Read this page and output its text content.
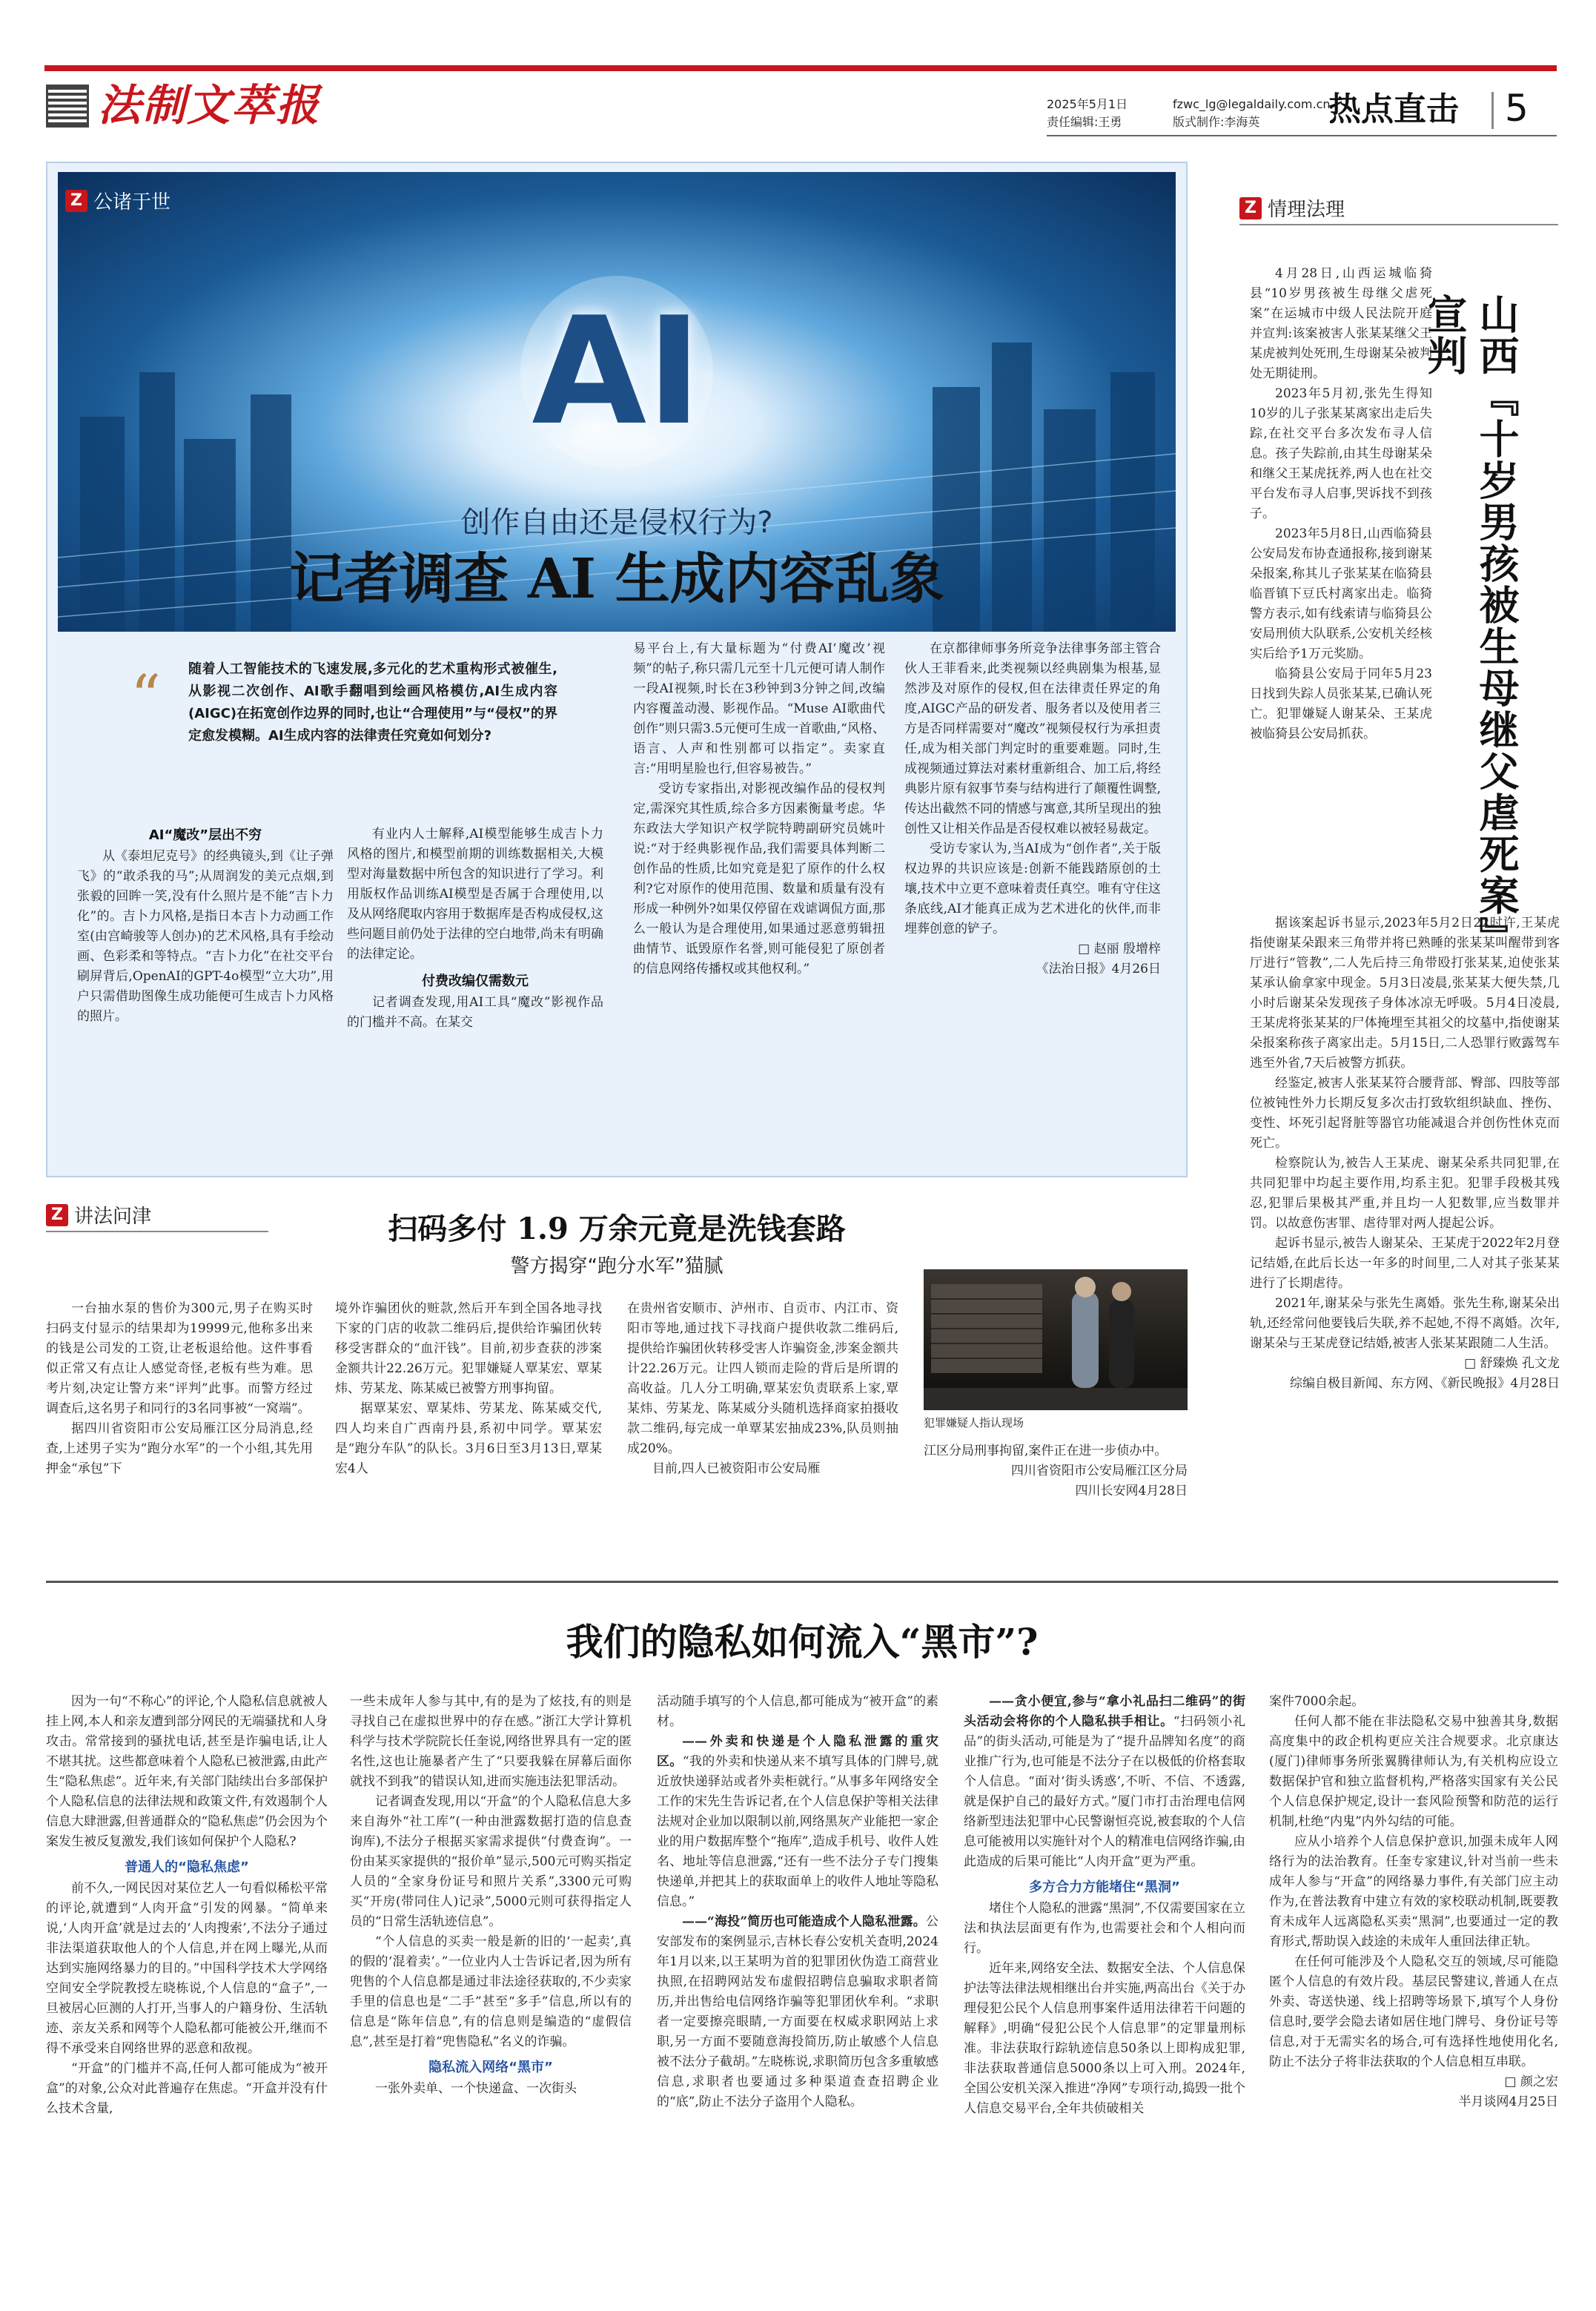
法制文萃报	2025年5月1日
责任编辑:王勇
fzwc_lg@legaldaily.com.cn
版式制作:李海英 热点直击 5
AI
Z 公诸于世
创作自由还是侵权行为?
记者调查 AI 生成内容乱象
“ 随着人工智能技术的飞速发展,多元化的艺术重构形式被催生,从影视二次创作、AI歌手翻唱到绘画风格模仿,AI生成内容(AIGC)在拓宽创作边界的同时,也让“合理使用”与“侵权”的界定愈发模糊。AI生成内容的法律责任究竟如何划分?
AI“魔改”层出不穷

从《泰坦尼克号》的经典镜头,到《让子弹飞》的“敢杀我的马”;从周润发的美元点烟,到张毅的回眸一笑,没有什么照片是不能“吉卜力化”的。吉卜力风格,是指日本吉卜力动画工作室(由宫崎骏等人创办)的艺术风格,具有手绘动画、色彩柔和等特点。“吉卜力化”在社交平台刷屏背后,OpenAI的GPT-4o模型“立大功”,用户只需借助图像生成功能便可生成吉卜力风格的照片。

有业内人士解释,AI模型能够生成吉卜力风格的图片,和模型前期的训练数据相关,大模型对海量数据中所包含的知识进行了学习。利用版权作品训练AI模型是否属于合理使用,以及从网络爬取内容用于数据库是否构成侵权,这些问题目前仍处于法律的空白地带,尚未有明确的法律定论。

付费改编仅需数元

记者调查发现,用AI工具“魔改”影视作品的门槛并不高。在某交

易平台上,有大量标题为“付费AI‘魔改’视频”的帖子,称只需几元至十几元便可请人制作一段AI视频,时长在3秒钟到3分钟之间,改编内容覆盖动漫、影视作品。“Muse AI歌曲代创作”则只需3.5元便可生成一首歌曲,“风格、语言、人声和性别都可以指定”。卖家直言:“用明星脸也行,但容易被告。”

受访专家指出,对影视改编作品的侵权判定,需深究其性质,综合多方因素衡量考虑。华东政法大学知识产权学院特聘副研究员姚叶说:“对于经典影视作品,我们需要具体判断二创作品的性质,比如究竟是犯了原作的什么权利?它对原作的使用范围、数量和质量有没有形成一种例外?如果仅停留在戏谑调侃方面,那么一般认为是合理使用,如果通过恶意剪辑扭曲情节、诋毁原作名誉,则可能侵犯了原创者的信息网络传播权或其他权利。”

在京都律师事务所竞争法律事务部主管合伙人王菲看来,此类视频以经典剧集为根基,显然涉及对原作的侵权,但在法律责任界定的角度,AIGC产品的研发者、服务者以及使用者三方是否同样需要对“魔改”视频侵权行为承担责任,成为相关部门判定时的重要难题。同时,生成视频通过算法对素材重新组合、加工后,将经典影片原有叙事节奏与结构进行了颠覆性调整,传达出截然不同的情感与寓意,其所呈现出的独创性又让相关作品是否侵权难以被轻易裁定。

受访专家认为,当AI成为“创作者”,关于版权边界的共识应该是:创新不能践踏原创的土壤,技术中立更不意味着责任真空。唯有守住这条底线,AI才能真正成为艺术进化的伙伴,而非埋葬创意的铲子。

□ 赵丽 殷增梓
《法治日报》4月26日
Z 情理法理
山西『十岁男孩被生母继父虐死案』宣判

4月28日,山西运城临猗县“10岁男孩被生母继父虐死案”在运城市中级人民法院开庭并宣判:该案被害人张某某继父王某虎被判处死刑,生母谢某朵被判处无期徒刑。

2023年5月初,张先生得知10岁的儿子张某某离家出走后失踪,在社交平台多次发布寻人信息。孩子失踪前,由其生母谢某朵和继父王某虎抚养,两人也在社交平台发布寻人启事,哭诉找不到孩子。

2023年5月8日,山西临猗县公安局发布协查通报称,接到谢某朵报案,称其儿子张某某在临猗县临晋镇下豆氏村离家出走。临猗警方表示,如有线索请与临猗县公安局刑侦大队联系,公安机关经核实后给予1万元奖励。

临猗县公安局于同年5月23日找到失踪人员张某某,已确认死亡。犯罪嫌疑人谢某朵、王某虎被临猗县公安局抓获。

据该案起诉书显示,2023年5月2日22时许,王某虎指使谢某朵跟来三角带并将已熟睡的张某某叫醒带到客厅进行“管教”,二人先后持三角带殴打张某某,迫使张某某承认偷拿家中现金。5月3日凌晨,张某某大便失禁,几小时后谢某朵发现孩子身体冰凉无呼吸。5月4日凌晨,王某虎将张某某的尸体掩埋至其祖父的坟墓中,指使谢某朵报案称孩子离家出走。5月15日,二人恐罪行败露驾车逃至外省,7天后被警方抓获。

经鉴定,被害人张某某符合腰背部、臀部、四肢等部位被钝性外力长期反复多次击打致软组织缺血、挫伤、变性、坏死引起肾脏等器官功能减退合并创伤性休克而死亡。

检察院认为,被告人王某虎、谢某朵系共同犯罪,在共同犯罪中均起主要作用,均系主犯。犯罪手段极其残忍,犯罪后果极其严重,并且均一人犯数罪,应当数罪并罚。以故意伤害罪、虐待罪对两人提起公诉。

起诉书显示,被告人谢某朵、王某虎于2022年2月登记结婚,在此后长达一年多的时间里,二人对其子张某某进行了长期虐待。

2021年,谢某朵与张先生离婚。张先生称,谢某朵出轨,还经常问他要钱后失联,养不起她,不得不离婚。次年,谢某朵与王某虎登记结婚,被害人张某某跟随二人生活。

□ 舒臻焕 孔文龙
综编自极目新闻、东方网、《新民晚报》4月28日
Z 讲法问津	扫码多付 1.9 万余元竟是洗钱套路
警方揭穿“跑分水军”猫腻

一台抽水泵的售价为300元,男子在购买时扫码支付显示的结果却为19999元,他称多出来的钱是公司发的工资,让老板退给他。这件事看似正常又有点让人感觉奇怪,老板有些为难。思考片刻,决定让警方来“评判”此事。而警方经过调查后,这名男子和同行的3名同事被“一窝端”。

据四川省资阳市公安局雁江区分局消息,经查,上述男子实为“跑分水军”的一个小组,其先用押金“承包”下

境外诈骗团伙的赃款,然后开车到全国各地寻找下家的门店的收款二维码后,提供给诈骗团伙转移受害群众的“血汗钱”。目前,初步查获的涉案金额共计22.26万元。犯罪嫌疑人覃某宏、覃某炜、劳某龙、陈某威已被警方刑事拘留。

据覃某宏、覃某炜、劳某龙、陈某威交代,四人均来自广西南丹县,系初中同学。覃某宏是“跑分车队”的队长。3月6日至3月13日,覃某宏4人

在贵州省安顺市、泸州市、自贡市、内江市、资阳市等地,通过找下寻找商户提供收款二维码后,提供给诈骗团伙转移受害人诈骗资金,涉案金额共计22.26万元。让四人锁而走险的背后是所谓的高收益。几人分工明确,覃某宏负责联系上家,覃某炜、劳某龙、陈某威分头随机选择商家拍摄收款二维码,每完成一单覃某宏抽成23%,队员则抽成20%。

目前,四人已被资阳市公安局雁

犯罪嫌疑人指认现场

江区分局刑事拘留,案件正在进一步侦办中。

四川省资阳市公安局雁江区分局
四川长安网4月28日
我们的隐私如何流入“黑市”?

因为一句“不称心”的评论,个人隐私信息就被人挂上网,本人和亲友遭到部分网民的无端骚扰和人身攻击。常常接到的骚扰电话,甚至是诈骗电话,让人不堪其扰。这些都意味着个人隐私已被泄露,由此产生“隐私焦虑”。近年来,有关部门陆续出台多部保护个人隐私信息的法律法规和政策文件,有效遏制个人信息大肆泄露,但普通群众的“隐私焦虑”仍会因为个案发生被反复激发,我们该如何保护个人隐私?

普通人的“隐私焦虑”

前不久,一网民因对某位艺人一句看似稀松平常的评论,就遭到“人肉开盒”引发的网暴。“简单来说,‘人肉开盒’就是过去的‘人肉搜索’,不法分子通过非法渠道获取他人的个人信息,并在网上曝光,从而达到实施网络暴力的目的。”中国科学技术大学网络空间安全学院教授左晓栋说,个人信息的“盒子”,一旦被居心叵测的人打开,当事人的户籍身份、生活轨迹、亲友关系和网等个人隐私都可能被公开,继而不得不承受来自网络世界的恶意和敌视。

“开盒”的门槛并不高,任何人都可能成为“被开盒”的对象,公众对此普遍存在焦虑。“开盒并没有什么技术含量,

一些未成年人参与其中,有的是为了炫技,有的则是寻找自己在虚拟世界中的存在感。”浙江大学计算机科学与技术学院院长任奎说,网络世界具有一定的匿名性,这也让施暴者产生了“只要我躲在屏幕后面你就找不到我”的错误认知,进而实施违法犯罪活动。

记者调查发现,用以“开盒”的个人隐私信息大多来自海外“社工库”(一种由泄露数据打造的信息查询库),不法分子根据买家需求提供“付费查询”。一份由某买家提供的“报价单”显示,500元可购买指定人员的“全家身份证号和照片关系”,3300元可购买“开房(带同住人)记录”,5000元则可获得指定人员的“日常生活轨迹信息”。

“个人信息的买卖一般是新的旧的‘一起卖’,真的假的‘混着卖’。”一位业内人士告诉记者,因为所有兜售的个人信息都是通过非法途径获取的,不少卖家手里的信息也是“二手”甚至“多手”信息,所以有的信息是“陈年信息”,有的信息则是编造的“虚假信息”,甚至是打着“兜售隐私”名义的诈骗。

隐私流入网络“黑市”

一张外卖单、一个快递盒、一次街头

活动随手填写的个人信息,都可能成为“被开盒”的素材。

——外卖和快递是个人隐私泄露的重灾区。“我的外卖和快递从来不填写具体的门牌号,就近放快递驿站或者外卖柜就行。”从事多年网络安全工作的宋先生告诉记者,在个人信息保护等相关法律法规对企业加以限制以前,网络黑灰产业能把一家企业的用户数据库整个“拖库”,造成手机号、收件人姓名、地址等信息泄露,“还有一些不法分子专门搜集快递单,并把其上的获取面单上的收件人地址等隐私信息。”

——“海投”简历也可能造成个人隐私泄露。公安部发布的案例显示,吉林长春公安机关查明,2024年1月以来,以王某明为首的犯罪团伙伪造工商营业执照,在招聘网站发布虚假招聘信息骗取求职者简历,并出售给电信网络诈骗等犯罪团伙牟利。“求职者一定要擦亮眼睛,一方面要在权威求职网站上求职,另一方面不要随意海投简历,防止敏感个人信息被不法分子截胡。”左晓栋说,求职简历包含多重敏感信息,求职者也要通过多种渠道查查招聘企业的“底”,防止不法分子盗用个人隐私。

——贪小便宜,参与“拿小礼品扫二维码”的街头活动会将你的个人隐私拱手相让。“扫码领小礼品”的街头活动,可能是为了“提升品牌知名度”的商业推广行为,也可能是不法分子在以极低的价格套取个人信息。“面对‘街头诱惑’,不听、不信、不透露,就是保护自己的最好方式。”厦门市打击治理电信网络新型违法犯罪中心民警谢恒亮说,被套取的个人信息可能被用以实施针对个人的精准电信网络诈骗,由此造成的后果可能比“人肉开盒”更为严重。

多方合力方能堵住“黑洞”

堵住个人隐私的泄露“黑洞”,不仅需要国家在立法和执法层面更有作为,也需要社会和个人相向而行。

近年来,网络安全法、数据安全法、个人信息保护法等法律法规相继出台并实施,两高出台《关于办理侵犯公民个人信息刑事案件适用法律若干问题的解释》,明确“侵犯公民个人信息罪”的定罪量刑标准。非法获取行踪轨迹信息50条以上即构成犯罪,非法获取普通信息5000条以上可入刑。2024年,全国公安机关深入推进“净网”专项行动,捣毁一批个人信息交易平台,全年共侦破相关

案件7000余起。

任何人都不能在非法隐私交易中独善其身,数据高度集中的政企机构更应关注合规要求。北京康达(厦门)律师事务所张翼腾律师认为,有关机构应设立数据保护官和独立监督机构,严格落实国家有关公民个人信息保护规定,设计一套风险预警和防范的运行机制,杜绝“内鬼”内外勾结的可能。

应从小培养个人信息保护意识,加强未成年人网络行为的法治教育。任奎专家建议,针对当前一些未成年人参与“开盒”的网络暴力事件,有关部门应主动作为,在普法教育中建立有效的家校联动机制,既要教育未成年人远离隐私买卖“黑洞”,也要通过一定的教育形式,帮助误入歧途的未成年人重回法律正轨。

在任何可能涉及个人隐私交互的领域,尽可能隐匿个人信息的有效片段。基层民警建议,普通人在点外卖、寄送快递、线上招聘等场景下,填写个人身份信息时,要学会隐去诸如居住地门牌号、身份证号等信息,对于无需实名的场合,可有选择性地使用化名,防止不法分子将非法获取的个人信息相互串联。

□ 颜之宏
半月谈网4月25日
